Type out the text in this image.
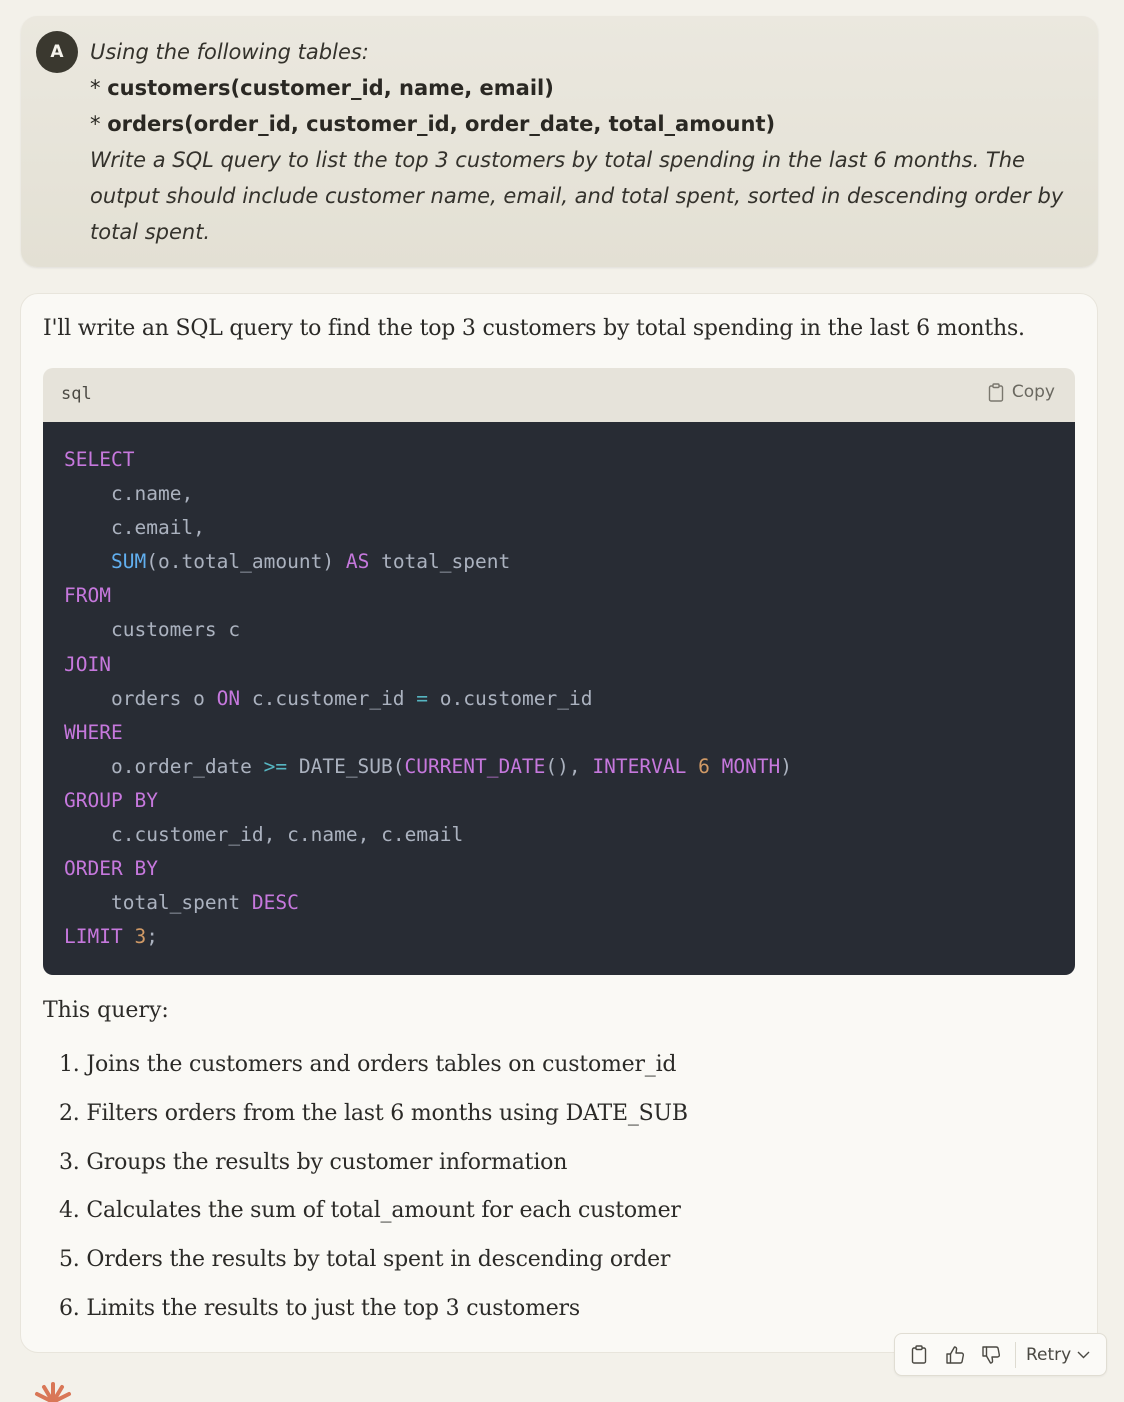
A Using the following tables:
* customers(customer_id, name, email)
* orders(order_id, customer_id, order_date, total_amount)
Write a SQL query to list the top 3 customers by total spending in the last 6 months. The
output should include customer name, email, and total spent, sorted in descending order by
total spent.
I'll write an SQL query to find the top 3 customers by total spending in the last 6 months.
sql	Copy
SELECT
c.name,
c.email,
SUM(o.total_amount) AS total_spent
FROM
customers c
JOIN
orders o ON c.customer_id = o.customer_id
WHERE
o.order_date >= DATE_SUB(CURRENT_DATE(), INTERVAL 6 MONTH)
GROUP BY
c.customer_id, c.name, c.email
ORDER BY
total_spent DESC
LIMIT 3;
This query:
1. Joins the customers and orders tables on customer_id
2. Filters orders from the last 6 months using DATE_SUB
3. Groups the results by customer information
4. Calculates the sum of total_amount for each customer
5. Orders the results by total spent in descending order
6. Limits the results to just the top 3 customers
Retry
